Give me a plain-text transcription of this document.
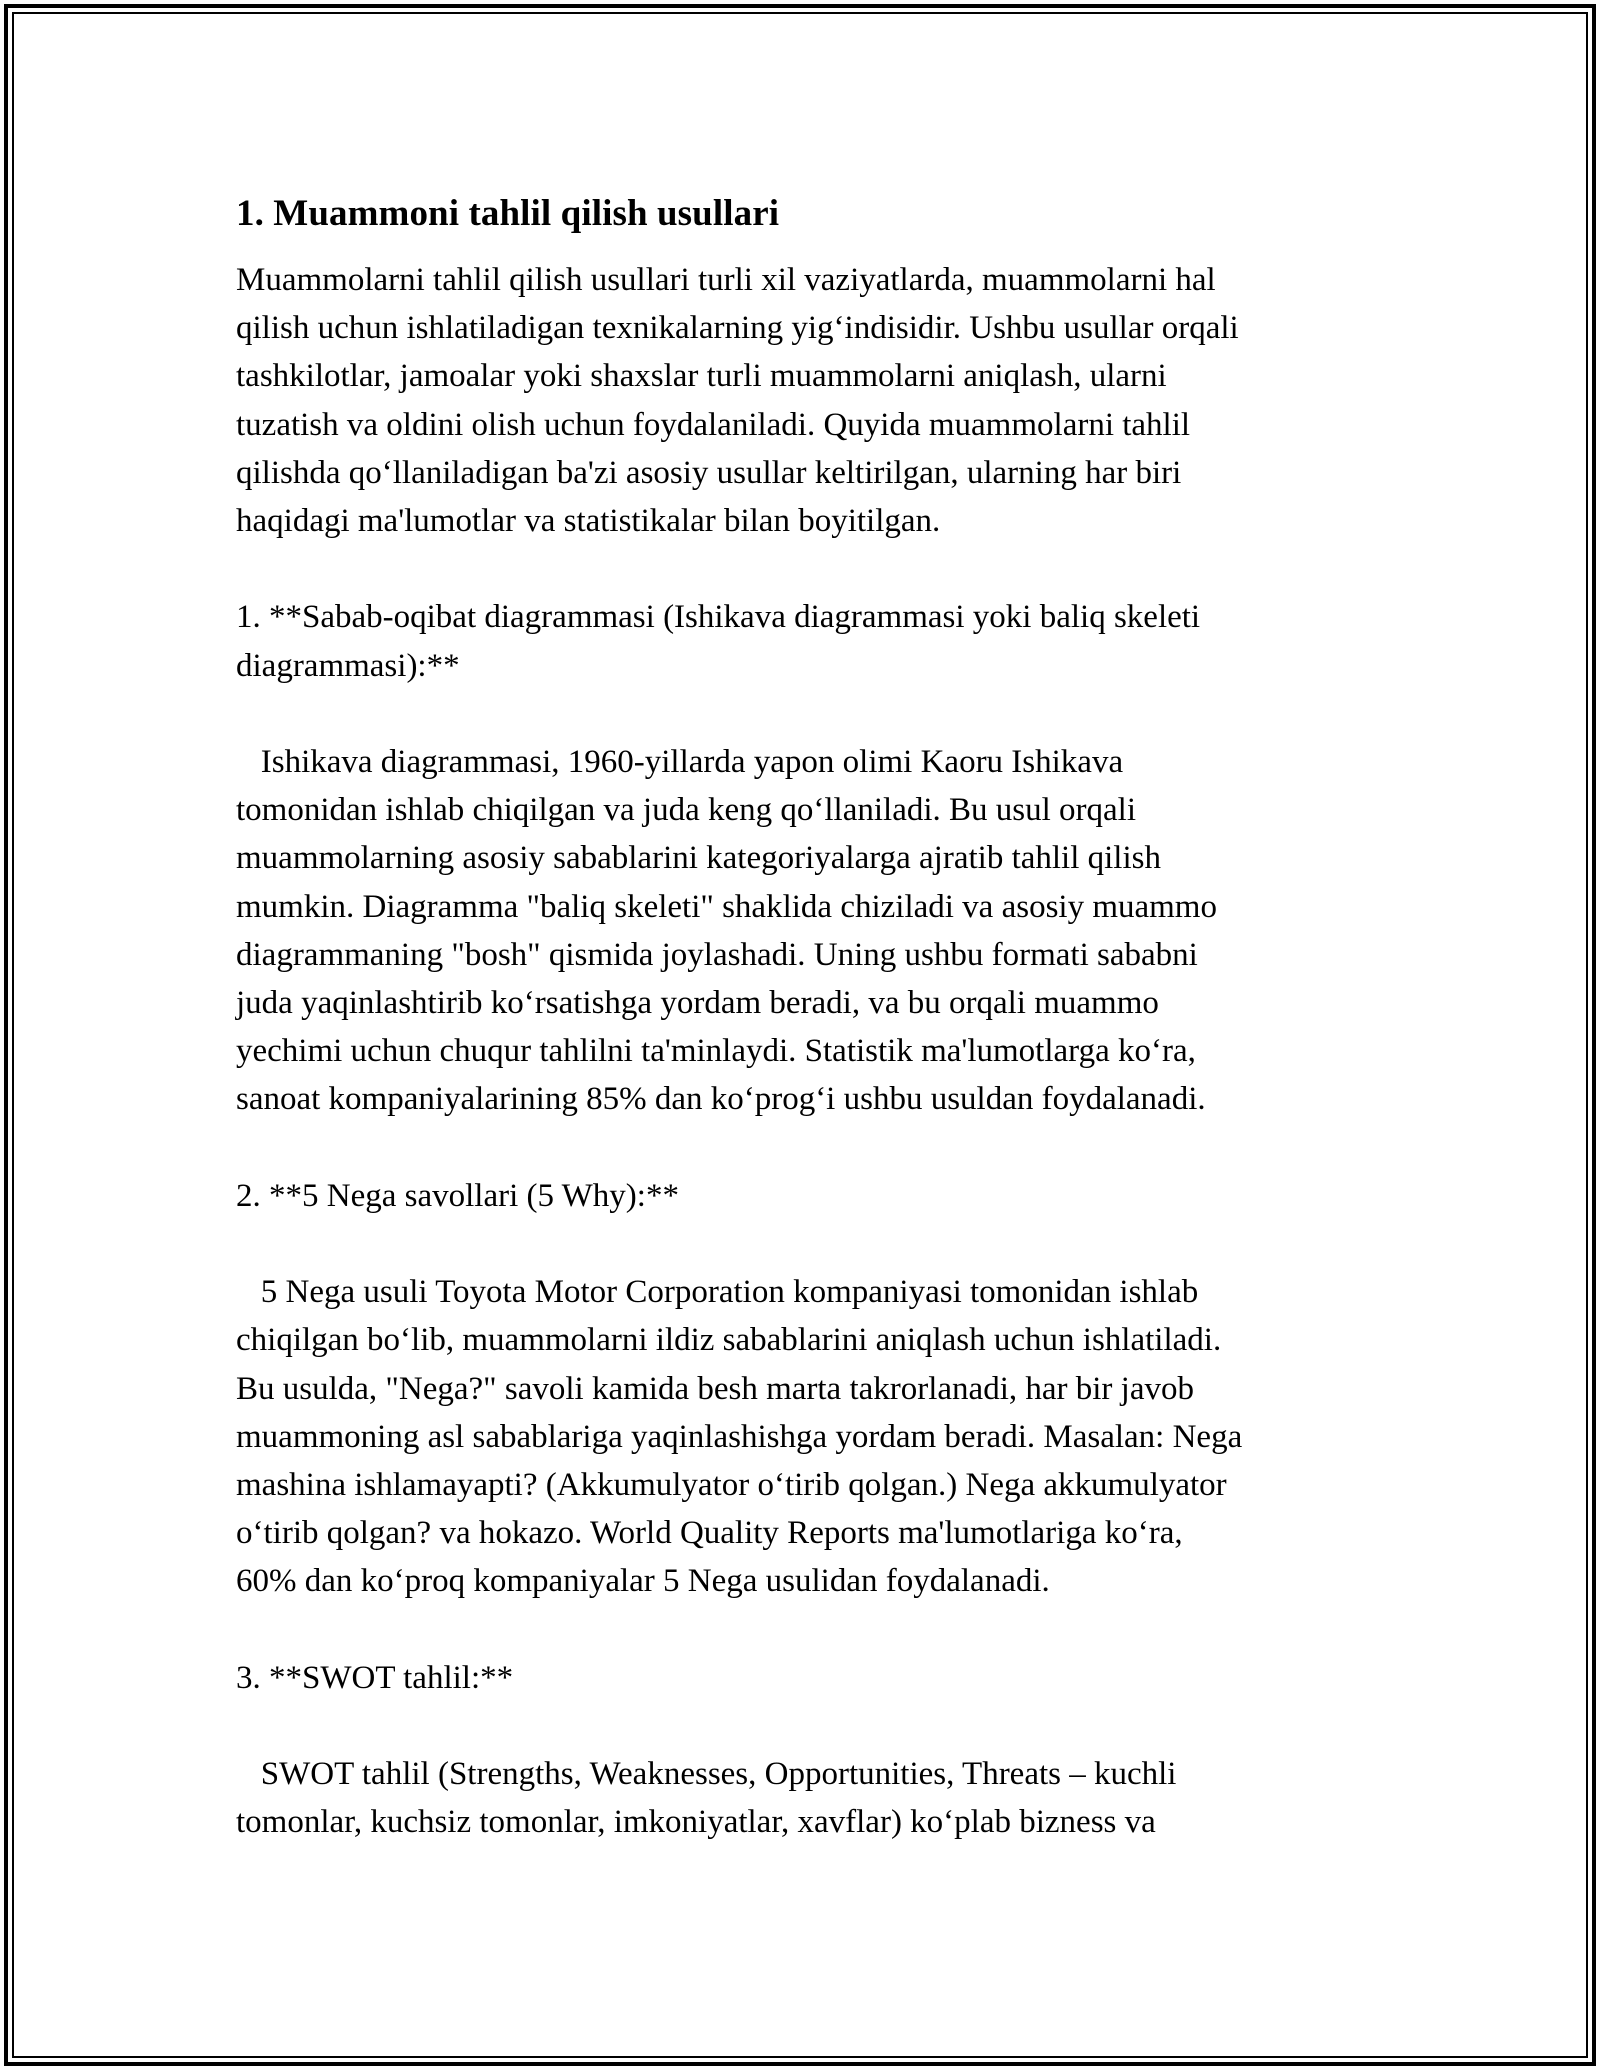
1. Muammoni tahlil qilish usullari

Muammolarni tahlil qilish usullari turli xil vaziyatlarda, muammolarni hal
qilish uchun ishlatiladigan texnikalarning yig‘indisidir. Ushbu usullar orqali
tashkilotlar, jamoalar yoki shaxslar turli muammolarni aniqlash, ularni
tuzatish va oldini olish uchun foydalaniladi. Quyida muammolarni tahlil
qilishda qo‘llaniladigan ba'zi asosiy usullar keltirilgan, ularning har biri
haqidagi ma'lumotlar va statistikalar bilan boyitilgan.

1. **Sabab-oqibat diagrammasi (Ishikava diagrammasi yoki baliq skeleti
diagrammasi):**

Ishikava diagrammasi, 1960-yillarda yapon olimi Kaoru Ishikava
tomonidan ishlab chiqilgan va juda keng qo‘llaniladi. Bu usul orqali
muammolarning asosiy sabablarini kategoriyalarga ajratib tahlil qilish
mumkin. Diagramma "baliq skeleti" shaklida chiziladi va asosiy muammo
diagrammaning "bosh" qismida joylashadi. Uning ushbu formati sababni
juda yaqinlashtirib ko‘rsatishga yordam beradi, va bu orqali muammo
yechimi uchun chuqur tahlilni ta'minlaydi. Statistik ma'lumotlarga ko‘ra,
sanoat kompaniyalarining 85% dan ko‘prog‘i ushbu usuldan foydalanadi.

2. **5 Nega savollari (5 Why):**

5 Nega usuli Toyota Motor Corporation kompaniyasi tomonidan ishlab
chiqilgan bo‘lib, muammolarni ildiz sabablarini aniqlash uchun ishlatiladi.
Bu usulda, "Nega?" savoli kamida besh marta takrorlanadi, har bir javob
muammoning asl sabablariga yaqinlashishga yordam beradi. Masalan: Nega
mashina ishlamayapti? (Akkumulyator o‘tirib qolgan.) Nega akkumulyator
o‘tirib qolgan? va hokazo. World Quality Reports ma'lumotlariga ko‘ra,
60% dan ko‘proq kompaniyalar 5 Nega usulidan foydalanadi.

3. **SWOT tahlil:**

SWOT tahlil (Strengths, Weaknesses, Opportunities, Threats – kuchli
tomonlar, kuchsiz tomonlar, imkoniyatlar, xavflar) ko‘plab bizness va
